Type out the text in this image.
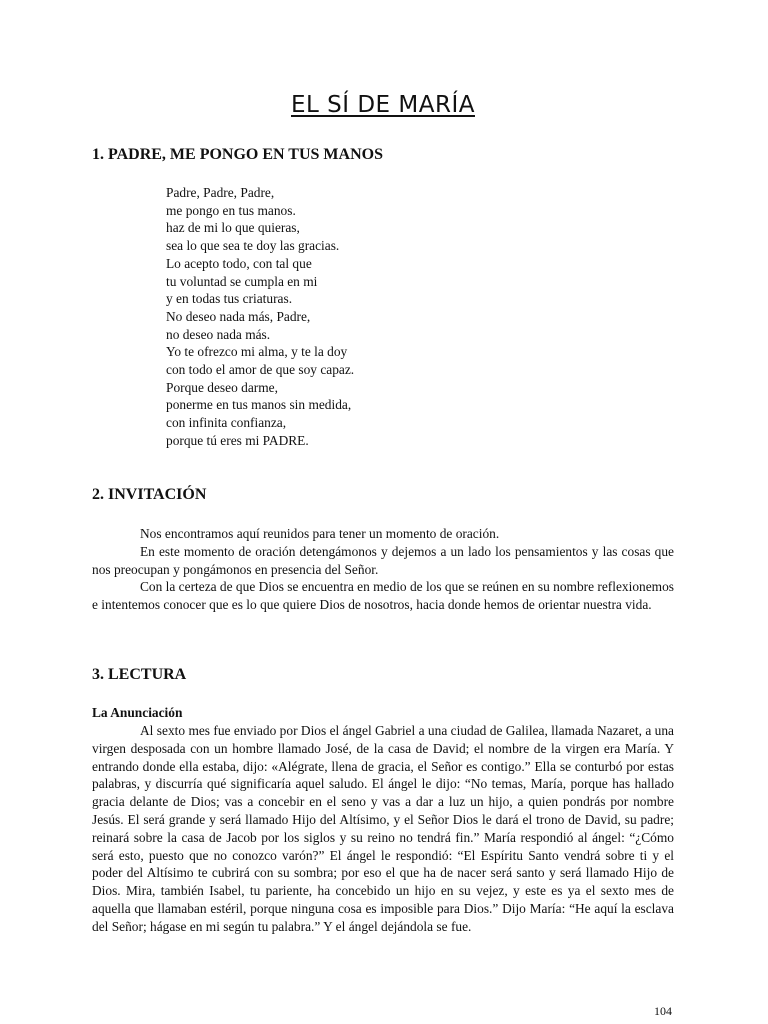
EL SÍ DE MARÍA
1. PADRE, ME PONGO EN TUS MANOS
Padre, Padre, Padre,
me pongo en tus manos.
haz de mi lo que quieras,
sea lo que sea te doy las gracias.
Lo acepto todo, con tal que
tu voluntad se cumpla en mi
y en todas tus criaturas.
No deseo nada más, Padre,
no deseo nada más.
Yo te ofrezco mi alma, y te la doy
con todo el amor de que soy capaz.
Porque deseo darme,
ponerme en tus manos sin medida,
con infinita confianza,
porque tú eres mi PADRE.
2. INVITACIÓN

Nos encontramos aquí reunidos para tener un momento de oración.

En este momento de oración detengámonos y dejemos a un lado los pensamientos y las cosas que nos preocupan y pongámonos en presencia del Señor.

Con la certeza de que Dios se encuentra en medio de los que se reúnen en su nombre reflexionemos e intentemos conocer que es lo que quiere Dios de nosotros, hacia donde hemos de orientar nuestra vida.

3. LECTURA
La Anunciación

Al sexto mes fue enviado por Dios el ángel Gabriel a una ciudad de Galilea, llamada Nazaret, a una virgen desposada con un hombre llamado José, de la casa de David; el nombre de la virgen era María. Y entrando donde ella estaba, dijo: «Alégrate, llena de gracia, el Señor es contigo.” Ella se conturbó por estas palabras, y discurría qué significaría aquel saludo. El ángel le dijo: “No temas, María, porque has hallado gracia delante de Dios; vas a concebir en el seno y vas a dar a luz un hijo, a quien pondrás por nombre Jesús. El será grande y será llamado Hijo del Altísimo, y el Señor Dios le dará el trono de David, su padre; reinará sobre la casa de Jacob por los siglos y su reino no tendrá fin.” María respondió al ángel: “¿Cómo será esto, puesto que no conozco varón?” El ángel le respondió: “El Espíritu Santo vendrá sobre ti y el poder del Altísimo te cubrirá con su sombra; por eso el que ha de nacer será santo y será llamado Hijo de Dios. Mira, también Isabel, tu pariente, ha concebido un hijo en su vejez, y este es ya el sexto mes de aquella que llamaban estéril, porque ninguna cosa es imposible para Dios.” Dijo María: “He aquí la esclava del Señor; hágase en mi según tu palabra.” Y el ángel dejándola se fue.

104
